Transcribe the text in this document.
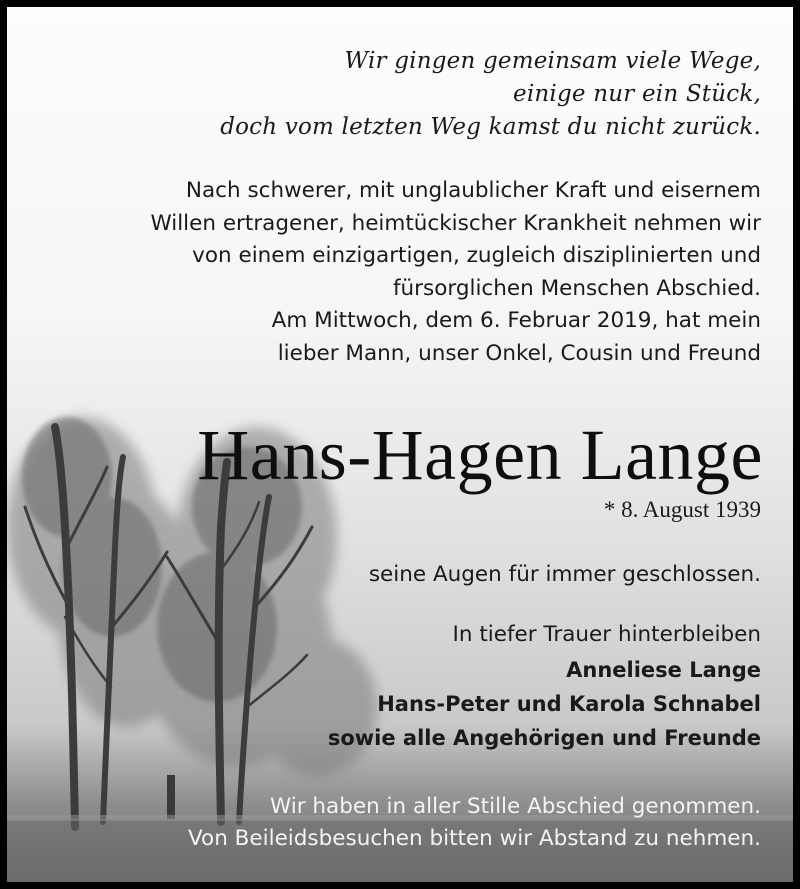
Wir gingen gemeinsam viele Wege,
einige nur ein Stück,
doch vom letzten Weg kamst du nicht zurück.
Nach schwerer, mit unglaublicher Kraft und eisernem
Willen ertragener, heimtückischer Krankheit nehmen wir
von einem einzigartigen, zugleich disziplinierten und
fürsorglichen Menschen Abschied.
Am Mittwoch, dem 6. Februar 2019, hat mein
lieber Mann, unser Onkel, Cousin und Freund
Hans-Hagen Lange
* 8. August 1939
seine Augen für immer geschlossen.
In tiefer Trauer hinterbleiben
Anneliese Lange
Hans-Peter und Karola Schnabel
sowie alle Angehörigen und Freunde
Wir haben in aller Stille Abschied genommen.
Von Beileidsbesuchen bitten wir Abstand zu nehmen.
